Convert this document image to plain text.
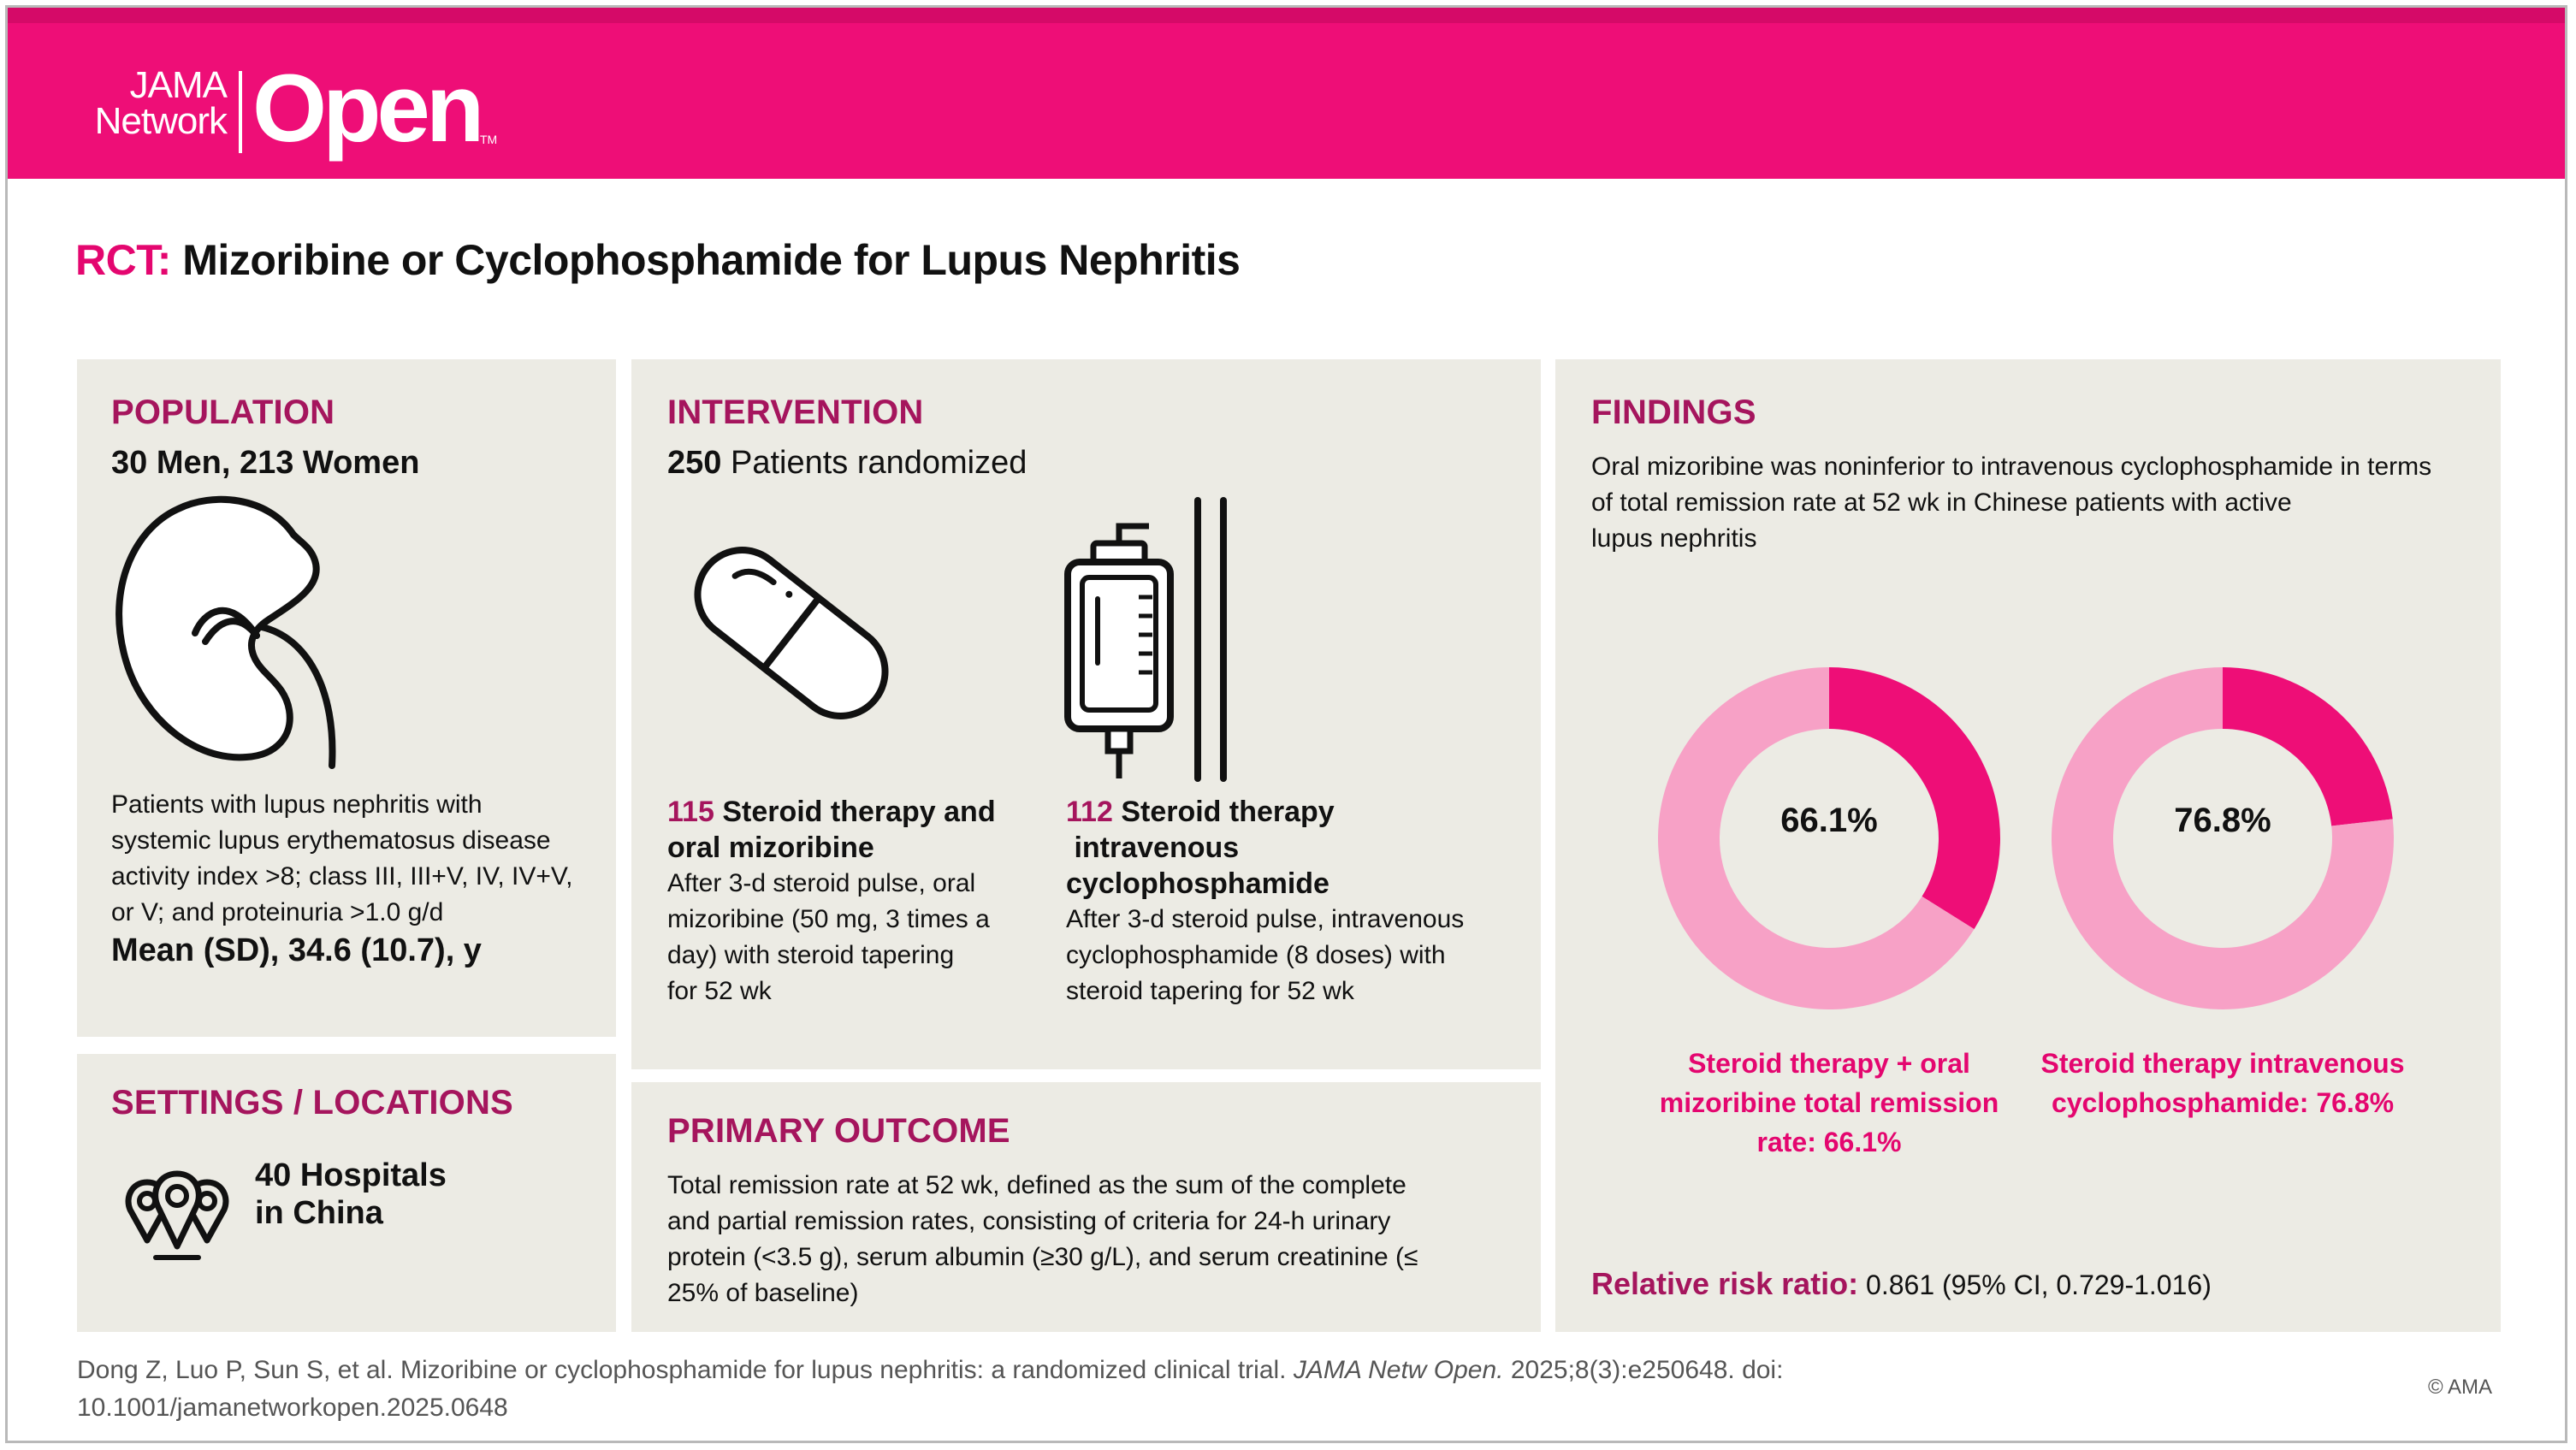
JAMA
Network Open TM
RCT: Mizoribine or Cyclophosphamide for Lupus Nephritis
POPULATION
30 Men, 213 Women
Patients with lupus nephritis with
systemic lupus erythematosus disease
activity index >8; class III, III+V, IV, IV+V,
or V; and proteinuria >1.0 g/d
Mean (SD), 34.6 (10.7), y
SETTINGS / LOCATIONS
40 Hospitals
in China
INTERVENTION
250 Patients randomized
115 Steroid therapy and
oral mizoribine
After 3-d steroid pulse, oral
mizoribine (50 mg, 3 times a
day) with steroid tapering
for 52 wk
112 Steroid therapy
intravenous
cyclophosphamide
After 3-d steroid pulse, intravenous
cyclophosphamide (8 doses) with
steroid tapering for 52 wk
PRIMARY OUTCOME
Total remission rate at 52 wk, defined as the sum of the complete
and partial remission rates, consisting of criteria for 24-h urinary
protein (<3.5 g), serum albumin (≥30 g/L), and serum creatinine (≤
25% of baseline)
FINDINGS
Oral mizoribine was noninferior to intravenous cyclophosphamide in terms
of total remission rate at 52 wk in Chinese patients with active
lupus nephritis
66.1%
Steroid therapy + oral
mizoribine total remission
rate: 66.1%
76.8%
Steroid therapy intravenous
cyclophosphamide: 76.8%
Relative risk ratio: 0.861 (95% CI, 0.729-1.016)
Dong Z, Luo P, Sun S, et al. Mizoribine or cyclophosphamide for lupus nephritis: a randomized clinical trial. JAMA Netw Open. 2025;8(3):e250648. doi:
10.1001/jamanetworkopen.2025.0648
© AMA
